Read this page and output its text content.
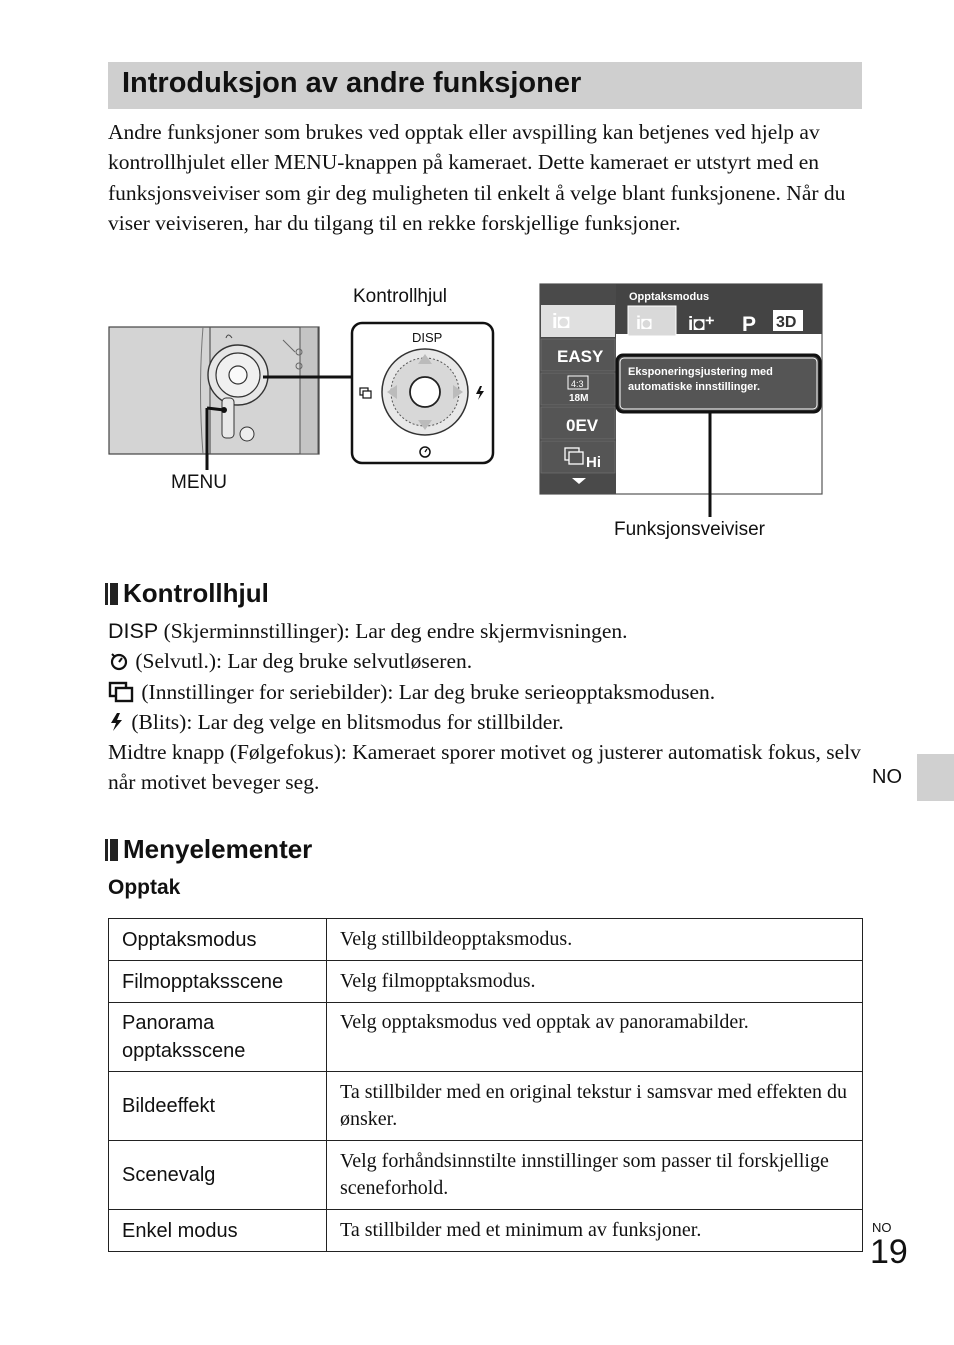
Introduksjon av andre funksjoner

Andre funksjoner som brukes ved opptak eller avspilling kan betjenes ved hjelp av kontrollhjulet eller MENU-knappen på kameraet. Dette kameraet er utstyrt med en funksjonsveiviser som gir deg muligheten til enkelt å velge blant funksjonene. Når du viser veiviseren, har du tilgang til en rekke forskjellige funksjoner.

DISP
i◘
EASY
4:3
18M
0EV
Hi
Opptaksmodus
i◘ i◘⁺ P 3D
Intelligent auto
Eksponeringsjustering med
automatiske innstillinger.
Kontrollhjul
MENU
Funksjonsveiviser
Kontrollhjul

DISP (Skjerminnstillinger): Lar deg endre skjermvisningen.

(Selvutl.): Lar deg bruke selvutløseren.

(Innstillinger for seriebilder): Lar deg bruke serieopptaksmodusen.

(Blits): Lar deg velge en blitsmodus for stillbilder.

Midtre knapp (Følgefokus): Kameraet sporer motivet og justerer automatisk fokus, selv når motivet beveger seg.

Menyelementer
Opptak
Opptaksmodus	Velg stillbildeopptaksmodus.
Filmopptaksscene	Velg filmopptaksmodus.
Panorama opptaksscene	Velg opptaksmodus ved opptak av panoramabilder.
Bildeeffekt	Ta stillbilder med en original tekstur i samsvar med effekten du ønsker.
Scenevalg	Velg forhåndsinnstilte innstillinger som passer til forskjellige sceneforhold.
Enkel modus	Ta stillbilder med et minimum av funksjoner.
NO
NO
19
